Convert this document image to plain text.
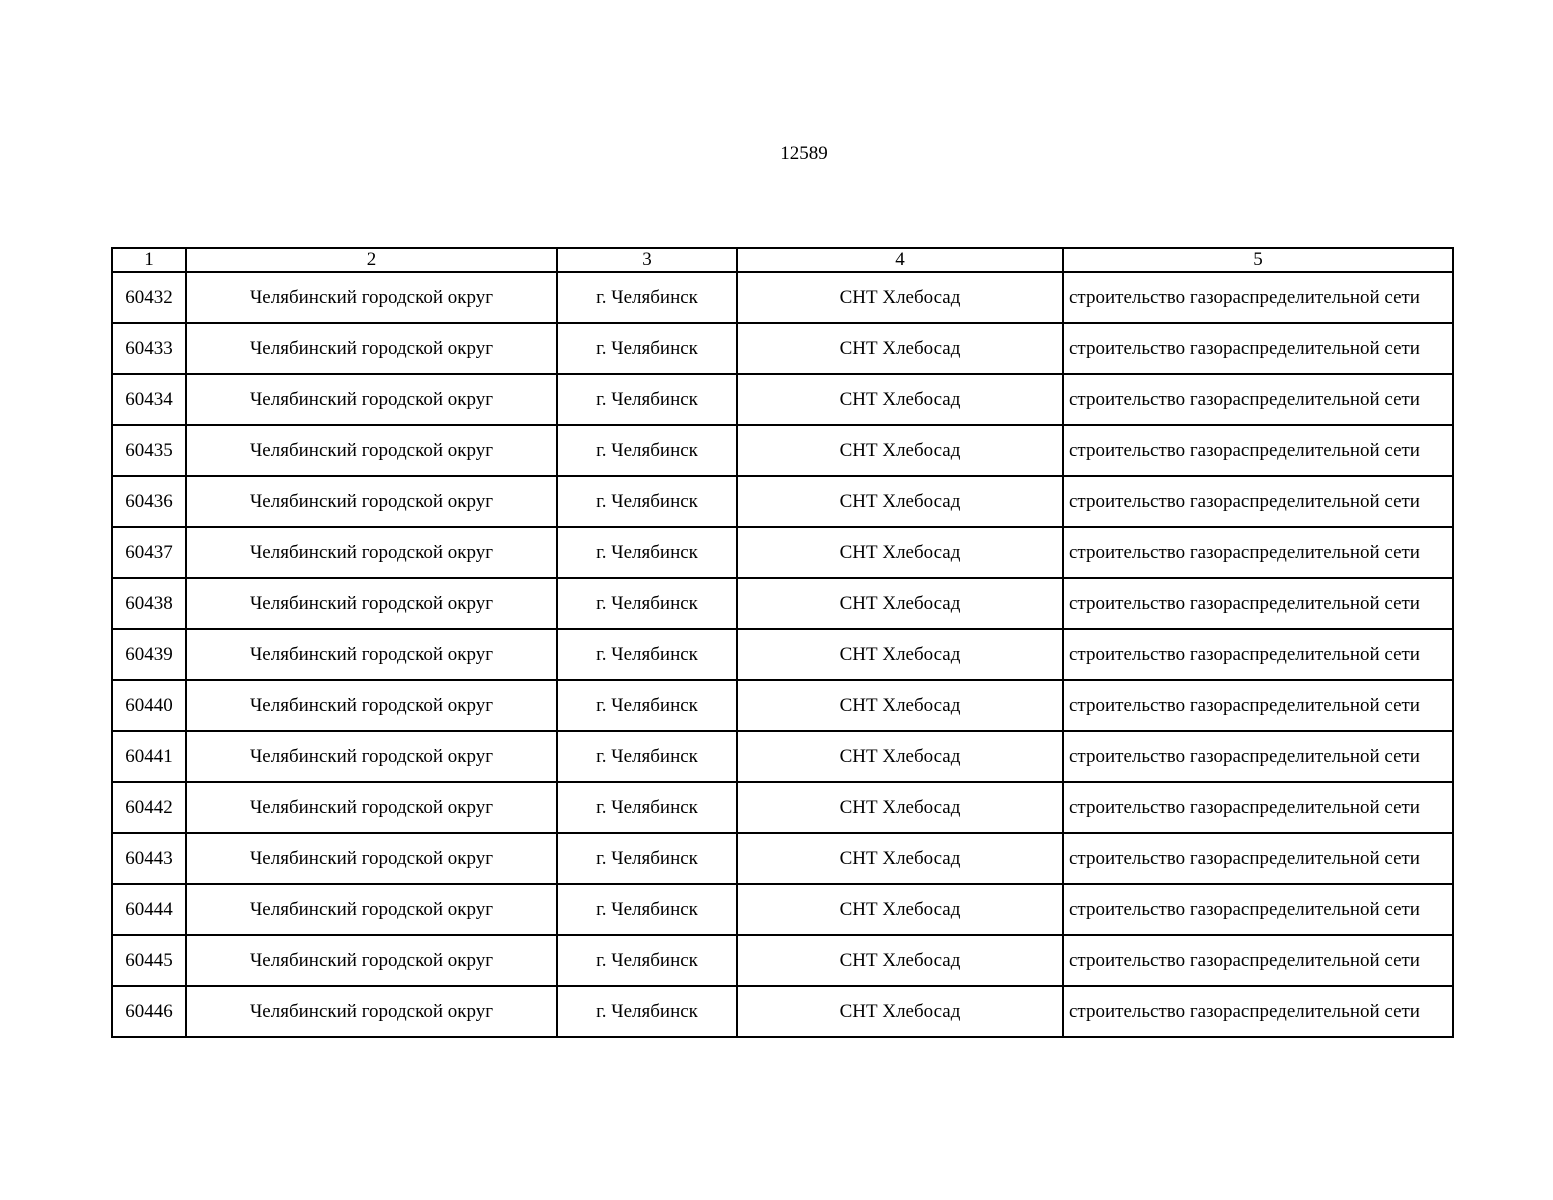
12589
1	2	3	4	5
60432	Челябинский городской округ	г. Челябинск	СНТ Хлебосад	строительство газораспределительной сети
60433	Челябинский городской округ	г. Челябинск	СНТ Хлебосад	строительство газораспределительной сети
60434	Челябинский городской округ	г. Челябинск	СНТ Хлебосад	строительство газораспределительной сети
60435	Челябинский городской округ	г. Челябинск	СНТ Хлебосад	строительство газораспределительной сети
60436	Челябинский городской округ	г. Челябинск	СНТ Хлебосад	строительство газораспределительной сети
60437	Челябинский городской округ	г. Челябинск	СНТ Хлебосад	строительство газораспределительной сети
60438	Челябинский городской округ	г. Челябинск	СНТ Хлебосад	строительство газораспределительной сети
60439	Челябинский городской округ	г. Челябинск	СНТ Хлебосад	строительство газораспределительной сети
60440	Челябинский городской округ	г. Челябинск	СНТ Хлебосад	строительство газораспределительной сети
60441	Челябинский городской округ	г. Челябинск	СНТ Хлебосад	строительство газораспределительной сети
60442	Челябинский городской округ	г. Челябинск	СНТ Хлебосад	строительство газораспределительной сети
60443	Челябинский городской округ	г. Челябинск	СНТ Хлебосад	строительство газораспределительной сети
60444	Челябинский городской округ	г. Челябинск	СНТ Хлебосад	строительство газораспределительной сети
60445	Челябинский городской округ	г. Челябинск	СНТ Хлебосад	строительство газораспределительной сети
60446	Челябинский городской округ	г. Челябинск	СНТ Хлебосад	строительство газораспределительной сети
